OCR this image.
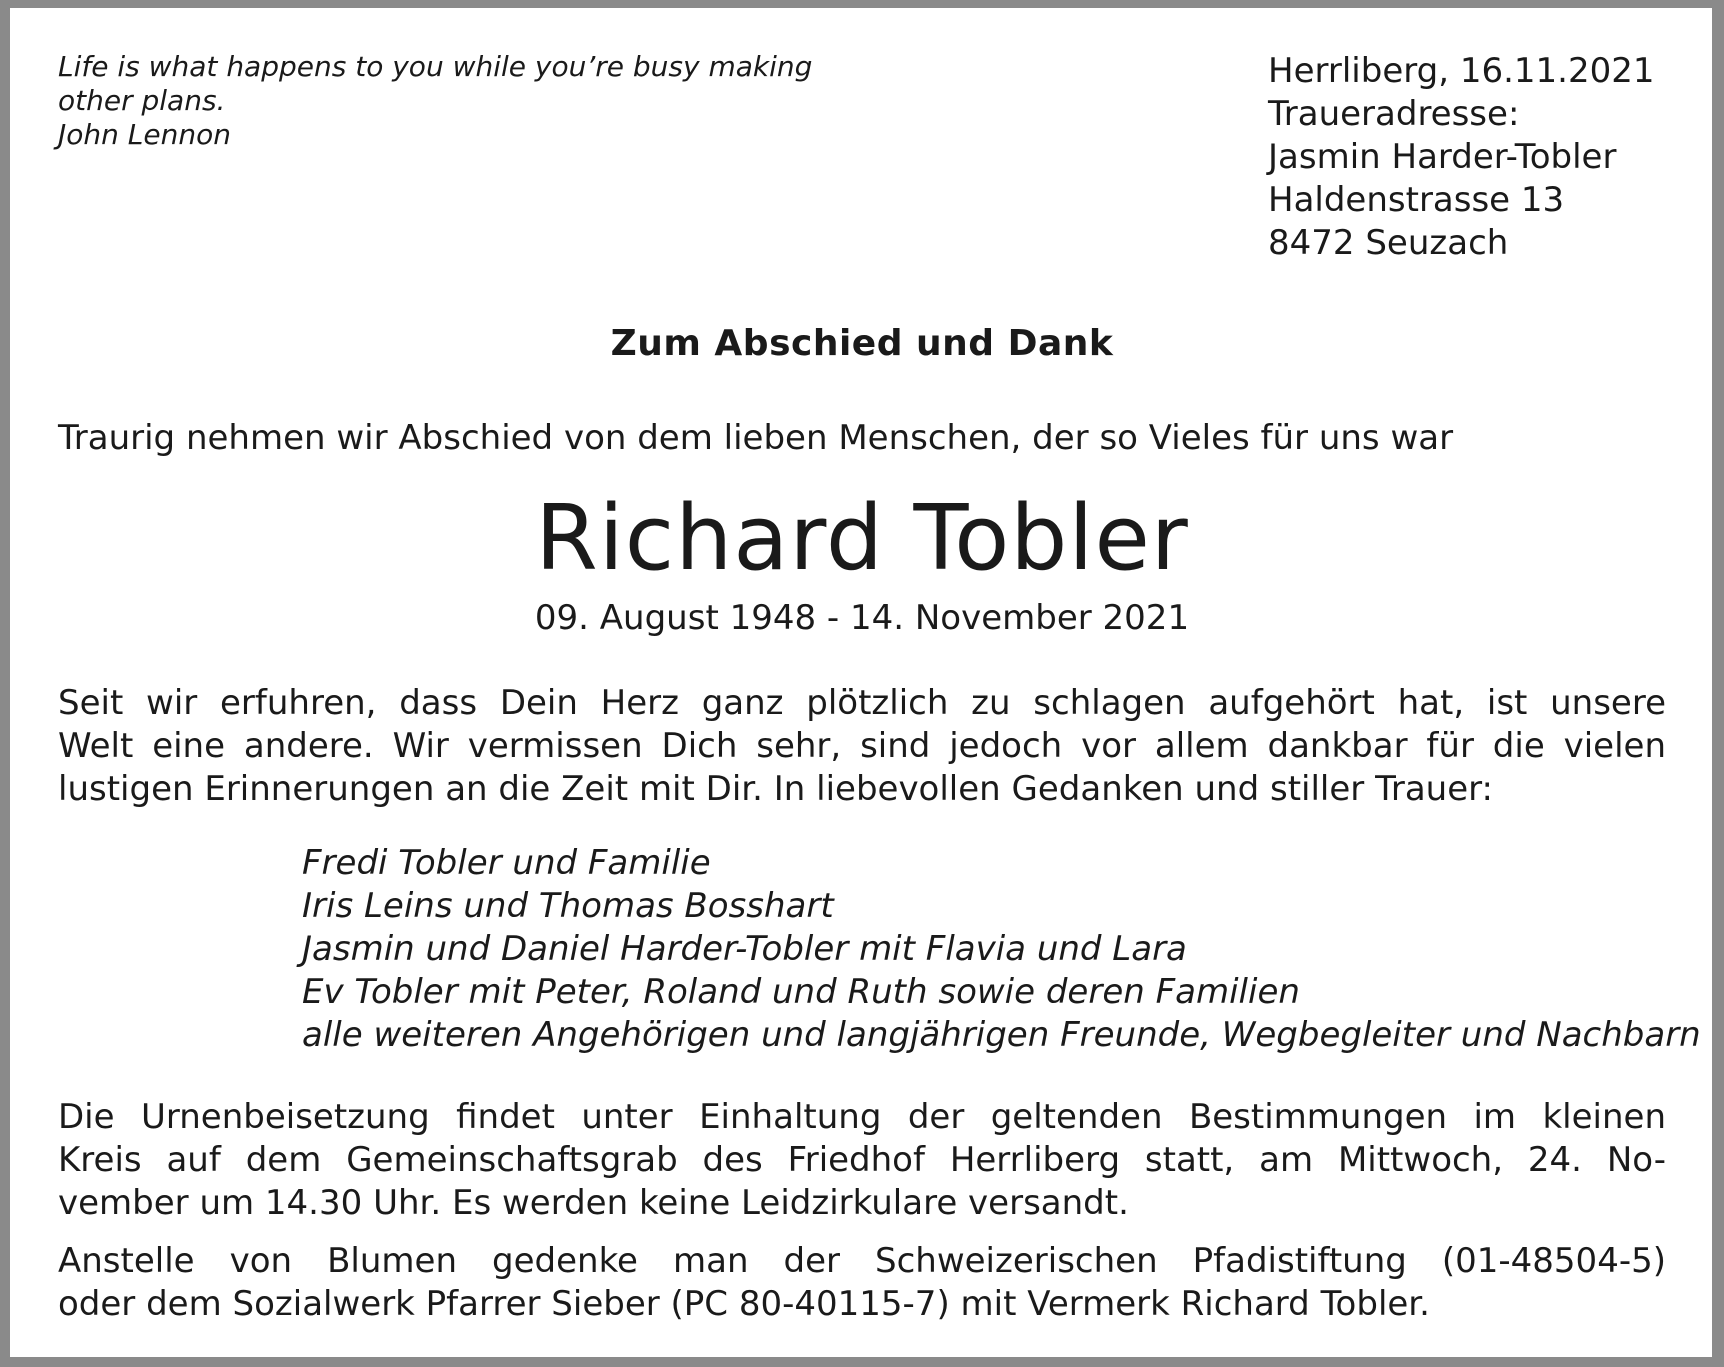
Life is what happens to you while you’re busy making
other plans.
John Lennon
Herrliberg, 16.11.2021
Traueradresse:
Jasmin Harder-Tobler
Haldenstrasse 13
8472 Seuzach
Zum Abschied und Dank
Traurig nehmen wir Abschied von dem lieben Menschen, der so Vieles für uns war
Richard Tobler
09. August 1948 - 14. November 2021
Seit wir erfuhren, dass Dein Herz ganz plötzlich zu schlagen aufgehört hat, ist unsere
Welt eine andere. Wir vermissen Dich sehr, sind jedoch vor allem dankbar für die vielen
lustigen Erinnerungen an die Zeit mit Dir. In liebevollen Gedanken und stiller Trauer:
Fredi Tobler und Familie
Iris Leins und Thomas Bosshart
Jasmin und Daniel Harder-Tobler mit Flavia und Lara
Ev Tobler mit Peter, Roland und Ruth sowie deren Familien
alle weiteren Angehörigen und langjährigen Freunde, Wegbegleiter und Nachbarn
Die Urnenbeisetzung findet unter Einhaltung der geltenden Bestimmungen im kleinen
Kreis auf dem Gemeinschaftsgrab des Friedhof Herrliberg statt, am Mittwoch, 24. No-
vember um 14.30 Uhr. Es werden keine Leidzirkulare versandt.
Anstelle von Blumen gedenke man der Schweizerischen Pfadistiftung (01-48504-5)
oder dem Sozialwerk Pfarrer Sieber (PC 80-40115-7) mit Vermerk Richard Tobler.
